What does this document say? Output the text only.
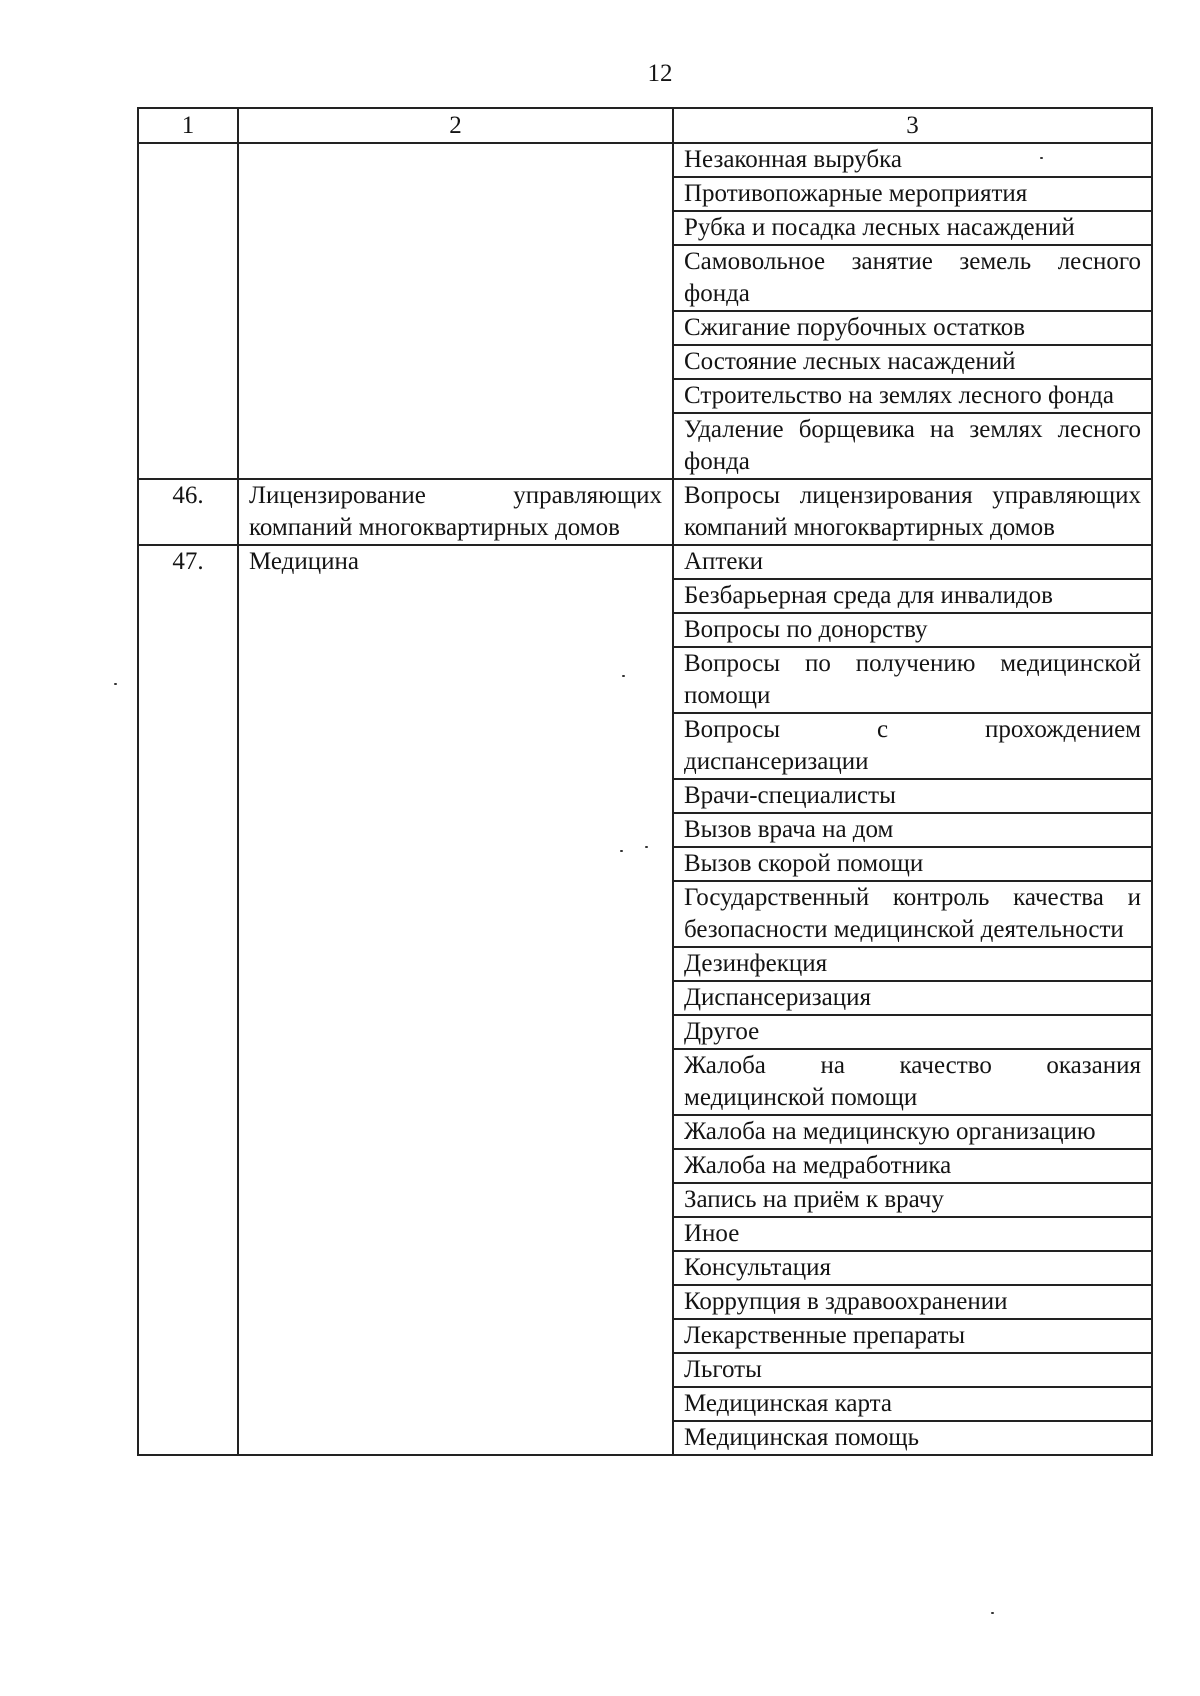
12
1	2	3
		Незаконная вырубка
		Противопожарные мероприятия
		Рубка и посадка лесных насаждений
		Самовольное занятие земель лесного фонда
		Сжигание порубочных остатков
		Состояние лесных насаждений
		Строительство на землях лесного фонда
		Удаление борщевика на землях лесного фонда
46.	Лицензирование управляющих компаний многоквартирных домов	Вопросы лицензирования управляющих компаний многоквартирных домов
47.	Медицина	Аптеки
		Безбарьерная среда для инвалидов
		Вопросы по донорству
		Вопросы по получению медицинской помощи
		Вопросы с прохождением диспансеризации
		Врачи-специалисты
		Вызов врача на дом
		Вызов скорой помощи
		Государственный контроль качества и безопасности медицинской деятельности
		Дезинфекция
		Диспансеризация
		Другое
		Жалоба на качество оказания медицинской помощи
		Жалоба на медицинскую организацию
		Жалоба на медработника
		Запись на приём к врачу
		Иное
		Консультация
		Коррупция в здравоохранении
		Лекарственные препараты
		Льготы
		Медицинская карта
		Медицинская помощь
